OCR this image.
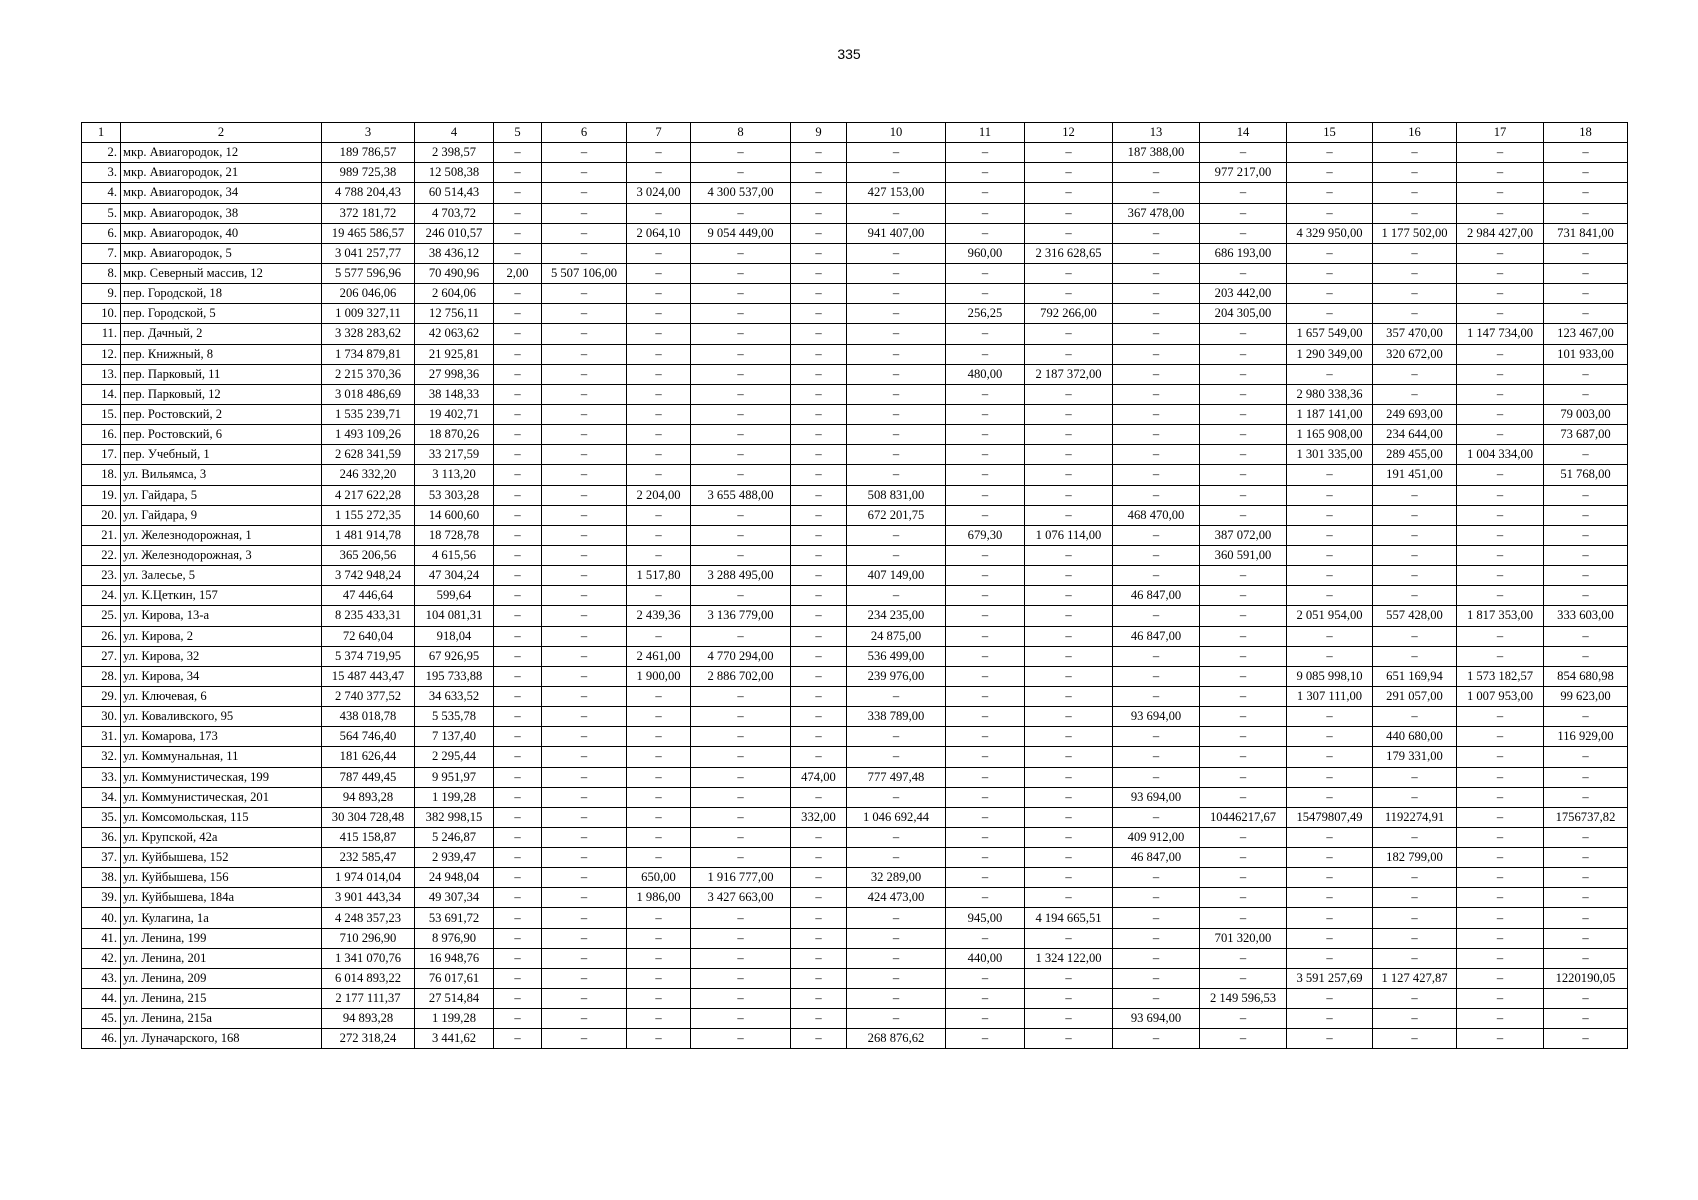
335
1	2	3	4	5	6	7	8	9	10	11	12	13	14	15	16	17	18
2.	мкр. Авиагородок, 12	189 786,57	2 398,57	–	–	–	–	–	–	–	–	187 388,00	–	–	–	–	–
3.	мкр. Авиагородок, 21	989 725,38	12 508,38	–	–	–	–	–	–	–	–	–	977 217,00	–	–	–	–
4.	мкр. Авиагородок, 34	4 788 204,43	60 514,43	–	–	3 024,00	4 300 537,00	–	427 153,00	–	–	–	–	–	–	–	–
5.	мкр. Авиагородок, 38	372 181,72	4 703,72	–	–	–	–	–	–	–	–	367 478,00	–	–	–	–	–
6.	мкр. Авиагородок, 40	19 465 586,57	246 010,57	–	–	2 064,10	9 054 449,00	–	941 407,00	–	–	–	–	4 329 950,00	1 177 502,00	2 984 427,00	731 841,00
7.	мкр. Авиагородок, 5	3 041 257,77	38 436,12	–	–	–	–	–	–	960,00	2 316 628,65	–	686 193,00	–	–	–	–
8.	мкр. Северный массив, 12	5 577 596,96	70 490,96	2,00	5 507 106,00	–	–	–	–	–	–	–	–	–	–	–	–
9.	пер. Городской, 18	206 046,06	2 604,06	–	–	–	–	–	–	–	–	–	203 442,00	–	–	–	–
10.	пер. Городской, 5	1 009 327,11	12 756,11	–	–	–	–	–	–	256,25	792 266,00	–	204 305,00	–	–	–	–
11.	пер. Дачный, 2	3 328 283,62	42 063,62	–	–	–	–	–	–	–	–	–	–	1 657 549,00	357 470,00	1 147 734,00	123 467,00
12.	пер. Книжный, 8	1 734 879,81	21 925,81	–	–	–	–	–	–	–	–	–	–	1 290 349,00	320 672,00	–	101 933,00
13.	пер. Парковый, 11	2 215 370,36	27 998,36	–	–	–	–	–	–	480,00	2 187 372,00	–	–	–	–	–	–
14.	пер. Парковый, 12	3 018 486,69	38 148,33	–	–	–	–	–	–	–	–	–	–	2 980 338,36	–	–	–
15.	пер. Ростовский, 2	1 535 239,71	19 402,71	–	–	–	–	–	–	–	–	–	–	1 187 141,00	249 693,00	–	79 003,00
16.	пер. Ростовский, 6	1 493 109,26	18 870,26	–	–	–	–	–	–	–	–	–	–	1 165 908,00	234 644,00	–	73 687,00
17.	пер. Учебный, 1	2 628 341,59	33 217,59	–	–	–	–	–	–	–	–	–	–	1 301 335,00	289 455,00	1 004 334,00	–
18.	ул. Вильямса, 3	246 332,20	3 113,20	–	–	–	–	–	–	–	–	–	–	–	191 451,00	–	51 768,00
19.	ул. Гайдара, 5	4 217 622,28	53 303,28	–	–	2 204,00	3 655 488,00	–	508 831,00	–	–	–	–	–	–	–	–
20.	ул. Гайдара, 9	1 155 272,35	14 600,60	–	–	–	–	–	672 201,75	–	–	468 470,00	–	–	–	–	–
21.	ул. Железнодорожная, 1	1 481 914,78	18 728,78	–	–	–	–	–	–	679,30	1 076 114,00	–	387 072,00	–	–	–	–
22.	ул. Железнодорожная, 3	365 206,56	4 615,56	–	–	–	–	–	–	–	–	–	360 591,00	–	–	–	–
23.	ул. Залесье, 5	3 742 948,24	47 304,24	–	–	1 517,80	3 288 495,00	–	407 149,00	–	–	–	–	–	–	–	–
24.	ул. К.Цеткин, 157	47 446,64	599,64	–	–	–	–	–	–	–	–	46 847,00	–	–	–	–	–
25.	ул. Кирова, 13-а	8 235 433,31	104 081,31	–	–	2 439,36	3 136 779,00	–	234 235,00	–	–	–	–	2 051 954,00	557 428,00	1 817 353,00	333 603,00
26.	ул. Кирова, 2	72 640,04	918,04	–	–	–	–	–	24 875,00	–	–	46 847,00	–	–	–	–	–
27.	ул. Кирова, 32	5 374 719,95	67 926,95	–	–	2 461,00	4 770 294,00	–	536 499,00	–	–	–	–	–	–	–	–
28.	ул. Кирова, 34	15 487 443,47	195 733,88	–	–	1 900,00	2 886 702,00	–	239 976,00	–	–	–	–	9 085 998,10	651 169,94	1 573 182,57	854 680,98
29.	ул. Ключевая, 6	2 740 377,52	34 633,52	–	–	–	–	–	–	–	–	–	–	1 307 111,00	291 057,00	1 007 953,00	99 623,00
30.	ул. Коваливского, 95	438 018,78	5 535,78	–	–	–	–	–	338 789,00	–	–	93 694,00	–	–	–	–	–
31.	ул. Комарова, 173	564 746,40	7 137,40	–	–	–	–	–	–	–	–	–	–	–	440 680,00	–	116 929,00
32.	ул. Коммунальная, 11	181 626,44	2 295,44	–	–	–	–	–	–	–	–	–	–	–	179 331,00	–	–
33.	ул. Коммунистическая, 199	787 449,45	9 951,97	–	–	–	–	474,00	777 497,48	–	–	–	–	–	–	–	–
34.	ул. Коммунистическая, 201	94 893,28	1 199,28	–	–	–	–	–	–	–	–	93 694,00	–	–	–	–	–
35.	ул. Комсомольская, 115	30 304 728,48	382 998,15	–	–	–	–	332,00	1 046 692,44	–	–	–	10446217,67	15479807,49	1192274,91	–	1756737,82
36.	ул. Крупской, 42а	415 158,87	5 246,87	–	–	–	–	–	–	–	–	409 912,00	–	–	–	–	–
37.	ул. Куйбышева, 152	232 585,47	2 939,47	–	–	–	–	–	–	–	–	46 847,00	–	–	182 799,00	–	–
38.	ул. Куйбышева, 156	1 974 014,04	24 948,04	–	–	650,00	1 916 777,00	–	32 289,00	–	–	–	–	–	–	–	–
39.	ул. Куйбышева, 184а	3 901 443,34	49 307,34	–	–	1 986,00	3 427 663,00	–	424 473,00	–	–	–	–	–	–	–	–
40.	ул. Кулагина, 1а	4 248 357,23	53 691,72	–	–	–	–	–	–	945,00	4 194 665,51	–	–	–	–	–	–
41.	ул. Ленина, 199	710 296,90	8 976,90	–	–	–	–	–	–	–	–	–	701 320,00	–	–	–	–
42.	ул. Ленина, 201	1 341 070,76	16 948,76	–	–	–	–	–	–	440,00	1 324 122,00	–	–	–	–	–	–
43.	ул. Ленина, 209	6 014 893,22	76 017,61	–	–	–	–	–	–	–	–	–	–	3 591 257,69	1 127 427,87	–	1220190,05
44.	ул. Ленина, 215	2 177 111,37	27 514,84	–	–	–	–	–	–	–	–	–	2 149 596,53	–	–	–	–
45.	ул. Ленина, 215а	94 893,28	1 199,28	–	–	–	–	–	–	–	–	93 694,00	–	–	–	–	–
46.	ул. Луначарского, 168	272 318,24	3 441,62	–	–	–	–	–	268 876,62	–	–	–	–	–	–	–	–
